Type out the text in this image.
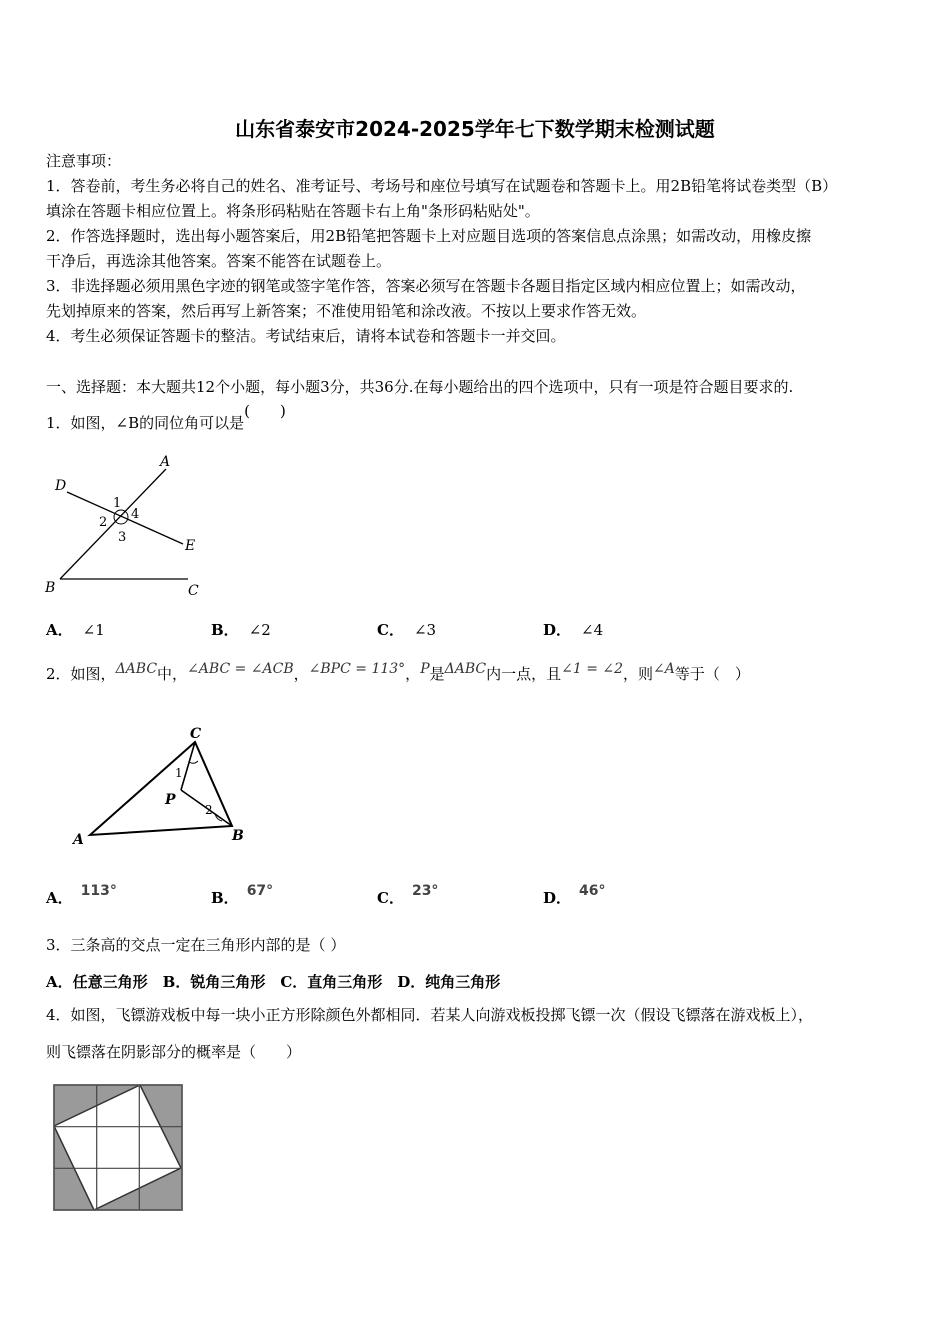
山东省泰安市2024-2025学年七下数学期末检测试题
注意事项：
1．答卷前，考生务必将自己的姓名、准考证号、考场号和座位号填写在试题卷和答题卡上。用2B铅笔将试卷类型（B）
填涂在答题卡相应位置上。将条形码粘贴在答题卡右上角"条形码粘贴处"。
2．作答选择题时，选出每小题答案后，用2B铅笔把答题卡上对应题目选项的答案信息点涂黑；如需改动，用橡皮擦
干净后，再选涂其他答案。答案不能答在试题卷上。
3．非选择题必须用黑色字迹的钢笔或签字笔作答，答案必须写在答题卡各题目指定区域内相应位置上；如需改动，
先划掉原来的答案，然后再写上新答案；不准使用铅笔和涂改液。不按以上要求作答无效。
4．考生必须保证答题卡的整洁。考试结束后，请将本试卷和答题卡一并交回。
一、选择题：本大题共12个小题，每小题3分，共36分.在每小题给出的四个选项中，只有一项是符合题目要求的.
1．如图，∠B的同位角可以是(　　)
A
B	C
D
E
1
2
3
4
A． ∠1	B． ∠2	C． ∠3	D． ∠4
2．如图，ΔABC中，∠ABC = ∠ACB，∠BPC = 113°，P是ΔABC内一点，且∠1 = ∠2，则∠A等于（　）
A	B
C
P
1
2
A． 113°	B． 67°	C． 23°	D． 46°
3．三条高的交点一定在三角形内部的是（ ）
A．任意三角形　B．锐角三角形　C．直角三角形　D．纯角三角形
4．如图，飞镖游戏板中每一块小正方形除颜色外都相同．若某人向游戏板投掷飞镖一次（假设飞镖落在游戏板上），
则飞镖落在阴影部分的概率是（　　）
